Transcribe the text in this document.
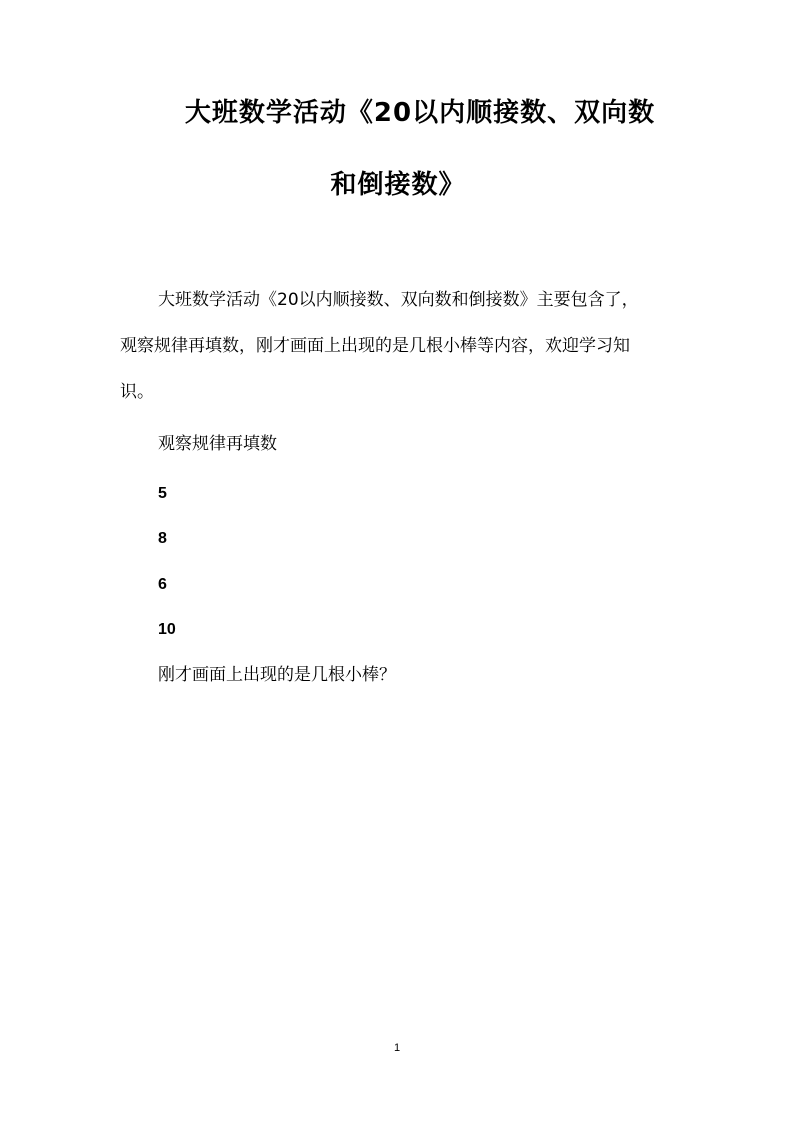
大班数学活动《20以内顺接数、双向数
和倒接数》
大班数学活动《20以内顺接数、双向数和倒接数》主要包含了，
观察规律再填数，刚才画面上出现的是几根小棒等内容，欢迎学习知
识。
观察规律再填数
5
8
6
10
刚才画面上出现的是几根小棒？
1
